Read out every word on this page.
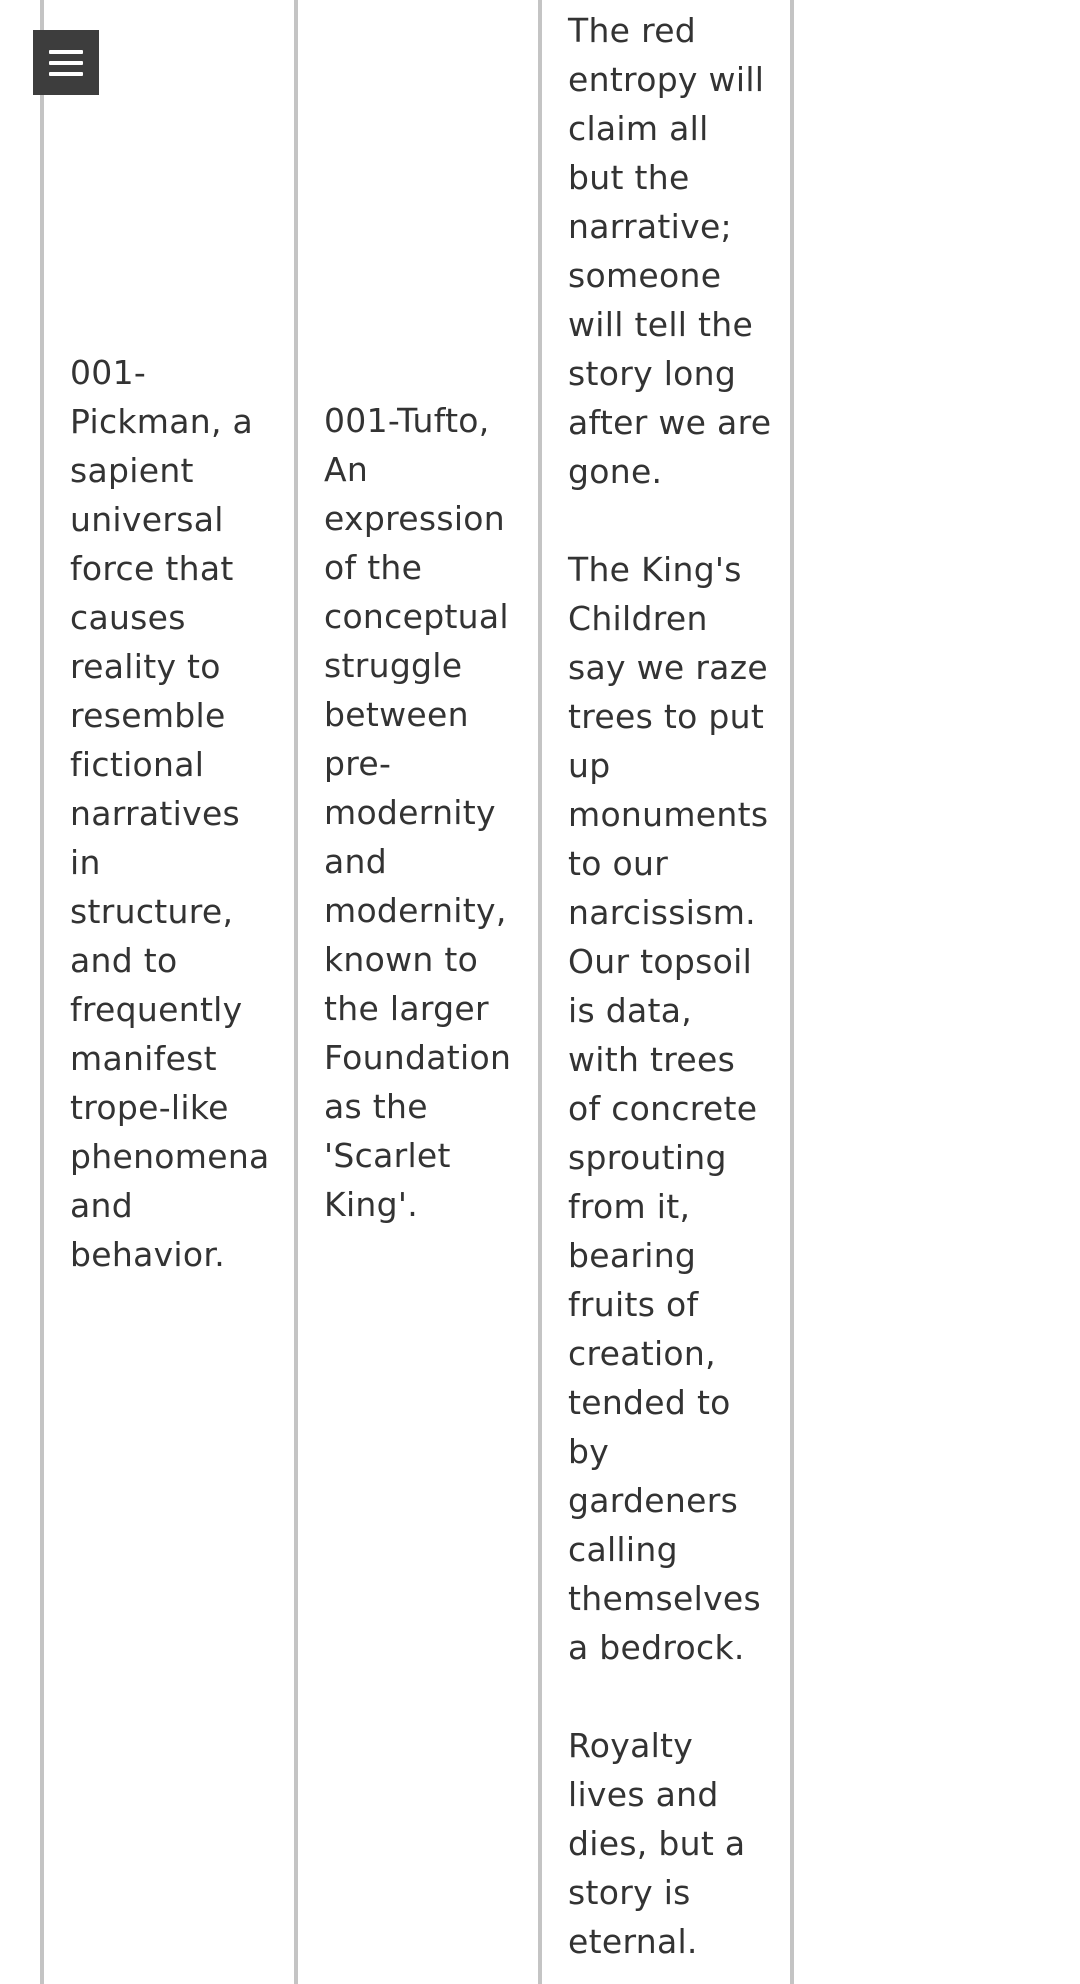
001-Pickman, a sapient universal force that causes reality to resemble fictional narratives in structure, and to frequently manifest trope-like phenomena and behavior.

001-Tufto, An expression of the conceptual struggle between pre-modernity and modernity, known to the larger Foundation as the 'Scarlet King'.

The red entropy will claim all but the narrative; someone will tell the story long after we are gone.

The King's Children say we raze trees to put up monuments to our narcissism. Our topsoil is data, with trees of concrete sprouting from it, bearing fruits of creation, tended to by gardeners calling themselves a bedrock.

Royalty lives and dies, but a story is eternal.
